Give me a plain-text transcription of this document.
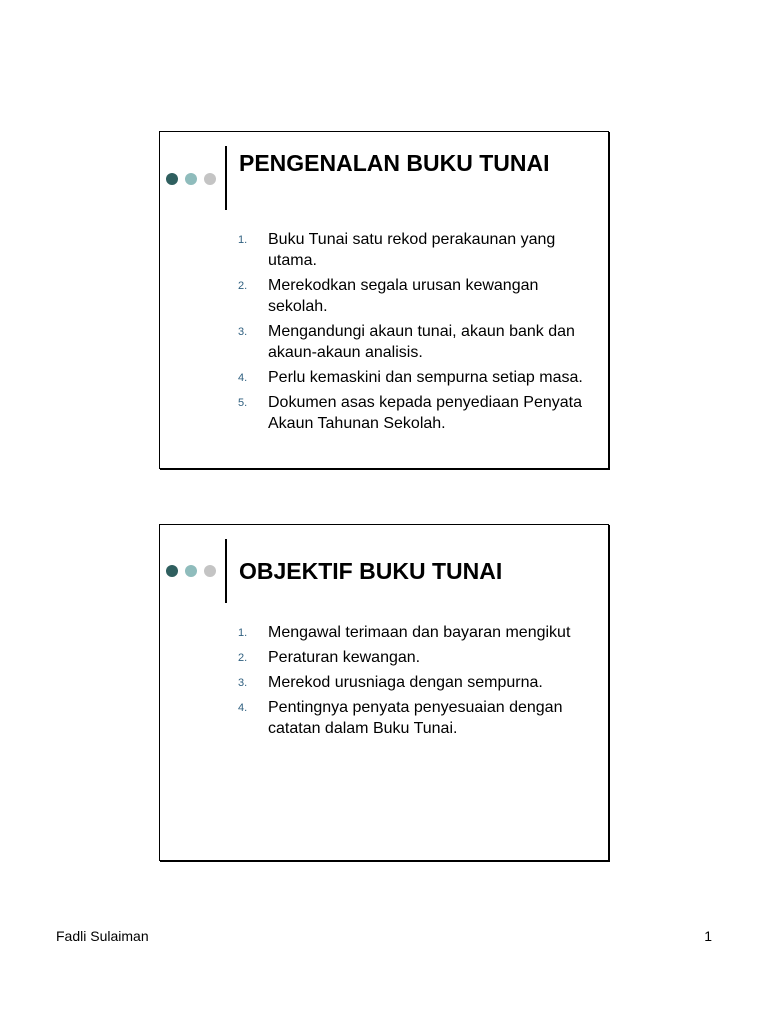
PENGENALAN BUKU TUNAI
1. Buku Tunai satu rekod perakaunan yang utama.
2. Merekodkan segala urusan kewangan sekolah.
3. Mengandungi akaun tunai, akaun bank dan akaun-akaun analisis.
4. Perlu kemaskini dan sempurna setiap masa.
5. Dokumen asas kepada penyediaan Penyata Akaun Tahunan Sekolah.
OBJEKTIF BUKU TUNAI
1. Mengawal terimaan dan bayaran mengikut
2. Peraturan kewangan.
3. Merekod urusniaga dengan sempurna.
4. Pentingnya penyata penyesuaian dengan catatan dalam Buku Tunai.
Fadli Sulaiman	1
